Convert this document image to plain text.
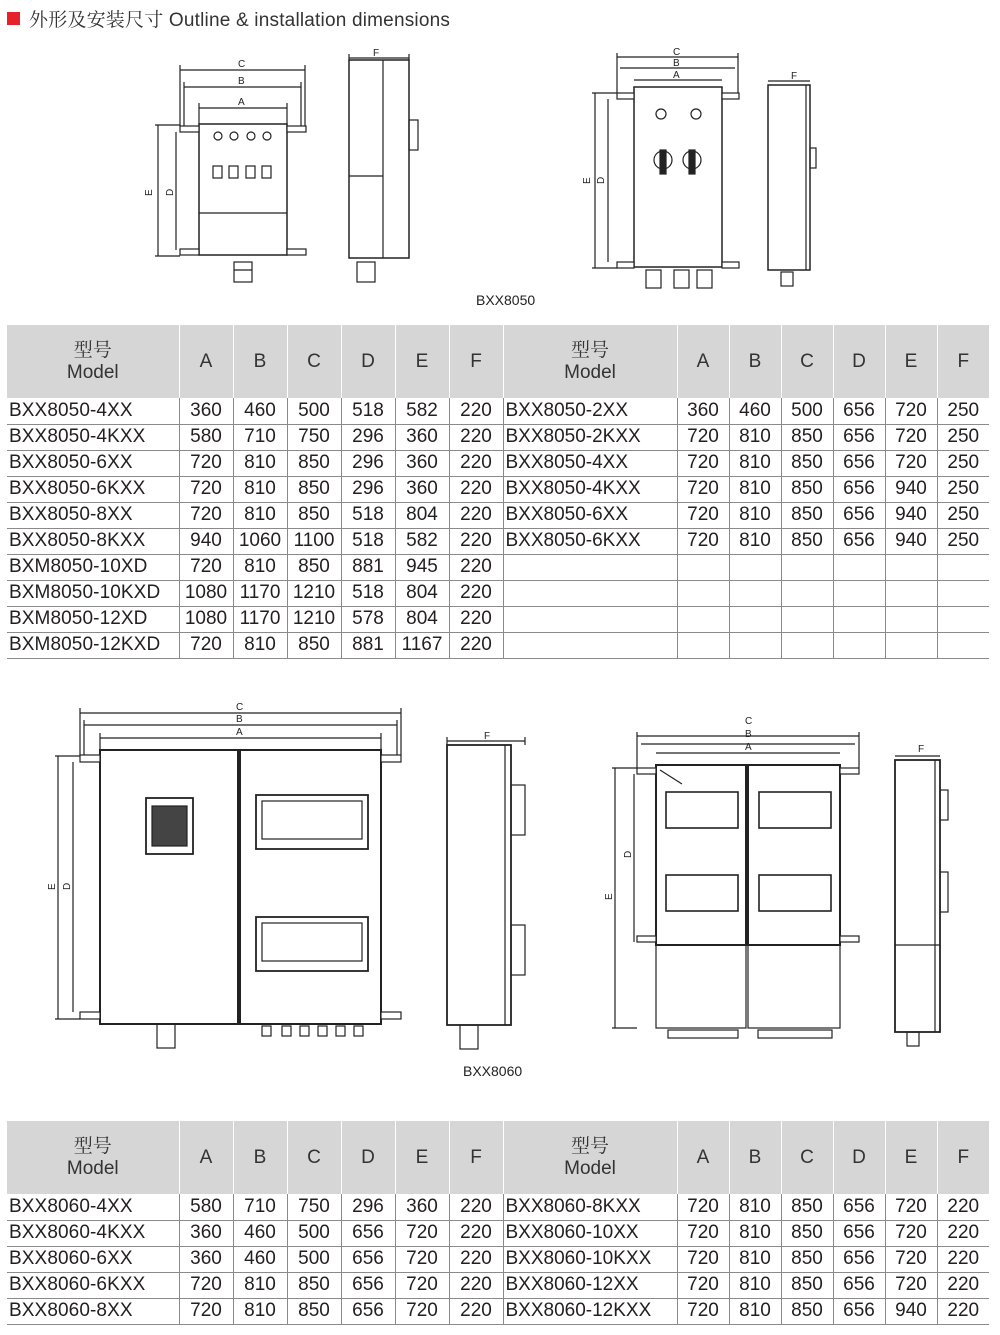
外形及安装尺寸 Outline & installation dimensions
C
B
A
E D
F	C
B
A
E D
F
BXX8050
型号
Model	A	B	C	D	E	F	型号
Model	A	B	C	D	E	F
BXX8050-4XX	360	460	500	518	582	220	BXX8050-2XX	360	460	500	656	720	250
BXX8050-4KXX	580	710	750	296	360	220	BXX8050-2KXX	720	810	850	656	720	250
BXX8050-6XX	720	810	850	296	360	220	BXX8050-4XX	720	810	850	656	720	250
BXX8050-6KXX	720	810	850	296	360	220	BXX8050-4KXX	720	810	850	656	940	250
BXX8050-8XX	720	810	850	518	804	220	BXX8050-6XX	720	810	850	656	940	250
BXX8050-8KXX	940	1060	1100	518	582	220	BXX8050-6KXX	720	810	850	656	940	250
BXM8050-10XD	720	810	850	881	945	220							
BXM8050-10KXD	1080	1170	1210	518	804	220							
BXM8050-12XD	1080	1170	1210	578	804	220							
BXM8050-12KXD	720	810	850	881	1167	220							
C
B
A
E D
F
C
B
A
E
D
F
BXX8060
型号
Model	A	B	C	D	E	F	型号
Model	A	B	C	D	E	F
BXX8060-4XX	580	710	750	296	360	220	BXX8060-8KXX	720	810	850	656	720	220
BXX8060-4KXX	360	460	500	656	720	220	BXX8060-10XX	720	810	850	656	720	220
BXX8060-6XX	360	460	500	656	720	220	BXX8060-10KXX	720	810	850	656	720	220
BXX8060-6KXX	720	810	850	656	720	220	BXX8060-12XX	720	810	850	656	720	220
BXX8060-8XX	720	810	850	656	720	220	BXX8060-12KXX	720	810	850	656	940	220
